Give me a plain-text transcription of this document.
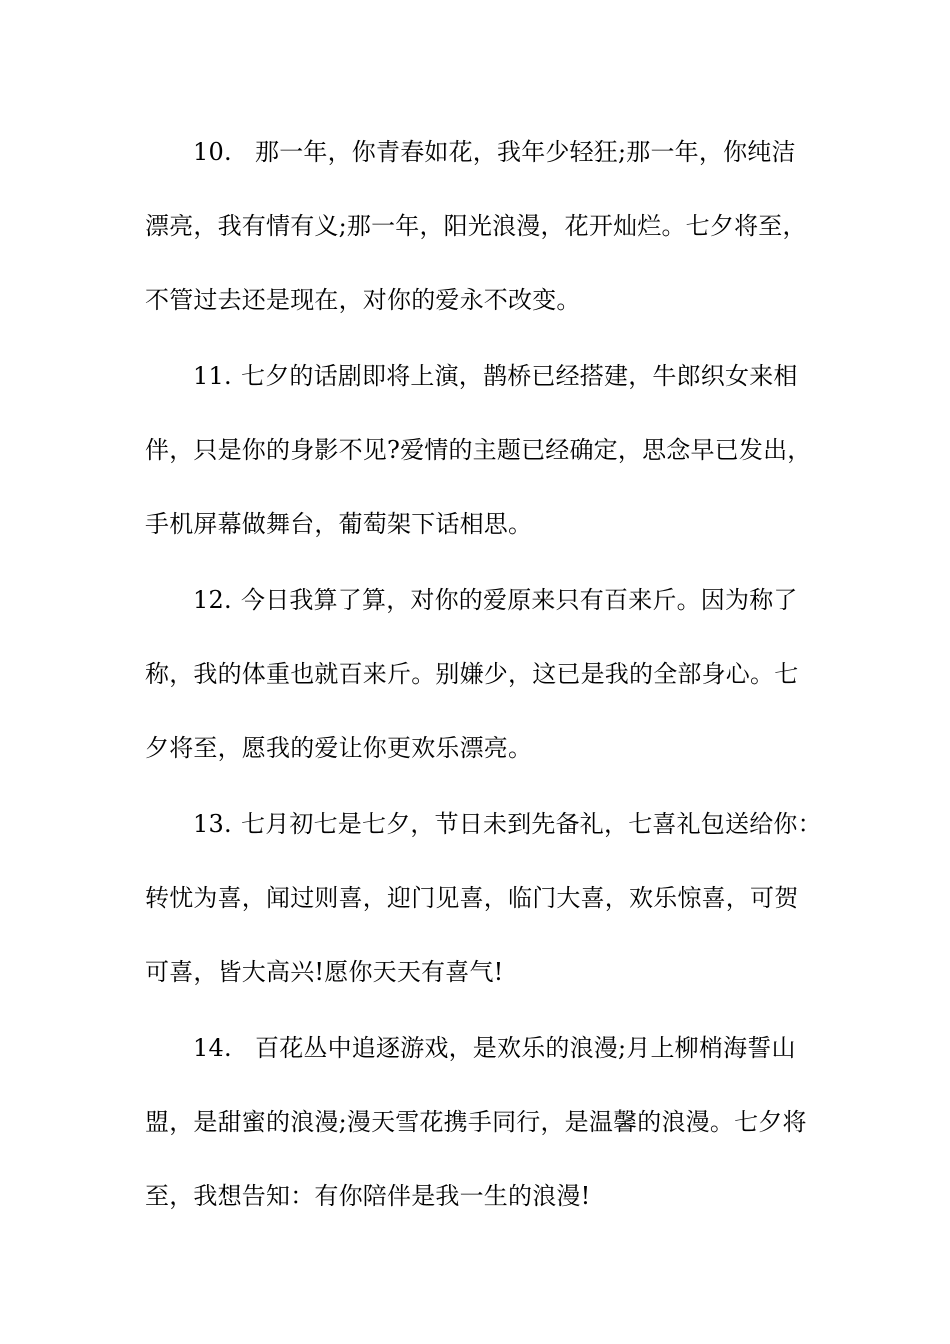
10. 那一年，你青春如花，我年少轻狂;那一年，你纯洁
漂亮，我有情有义;那一年，阳光浪漫，花开灿烂。七夕将至，
不管过去还是现在，对你的爱永不改变。
11. 七夕的话剧即将上演，鹊桥已经搭建，牛郎织女来相
伴，只是你的身影不见?爱情的主题已经确定，思念早已发出，
手机屏幕做舞台，葡萄架下话相思。
12. 今日我算了算，对你的爱原来只有百来斤。因为称了
称，我的体重也就百来斤。别嫌少，这已是我的全部身心。七
夕将至，愿我的爱让你更欢乐漂亮。
13. 七月初七是七夕，节日未到先备礼，七喜礼包送给你：
转忧为喜，闻过则喜，迎门见喜，临门大喜，欢乐惊喜，可贺
可喜，皆大高兴!愿你天天有喜气!
14. 百花丛中追逐游戏，是欢乐的浪漫;月上柳梢海誓山
盟，是甜蜜的浪漫;漫天雪花携手同行，是温馨的浪漫。七夕将
至，我想告知：有你陪伴是我一生的浪漫!
